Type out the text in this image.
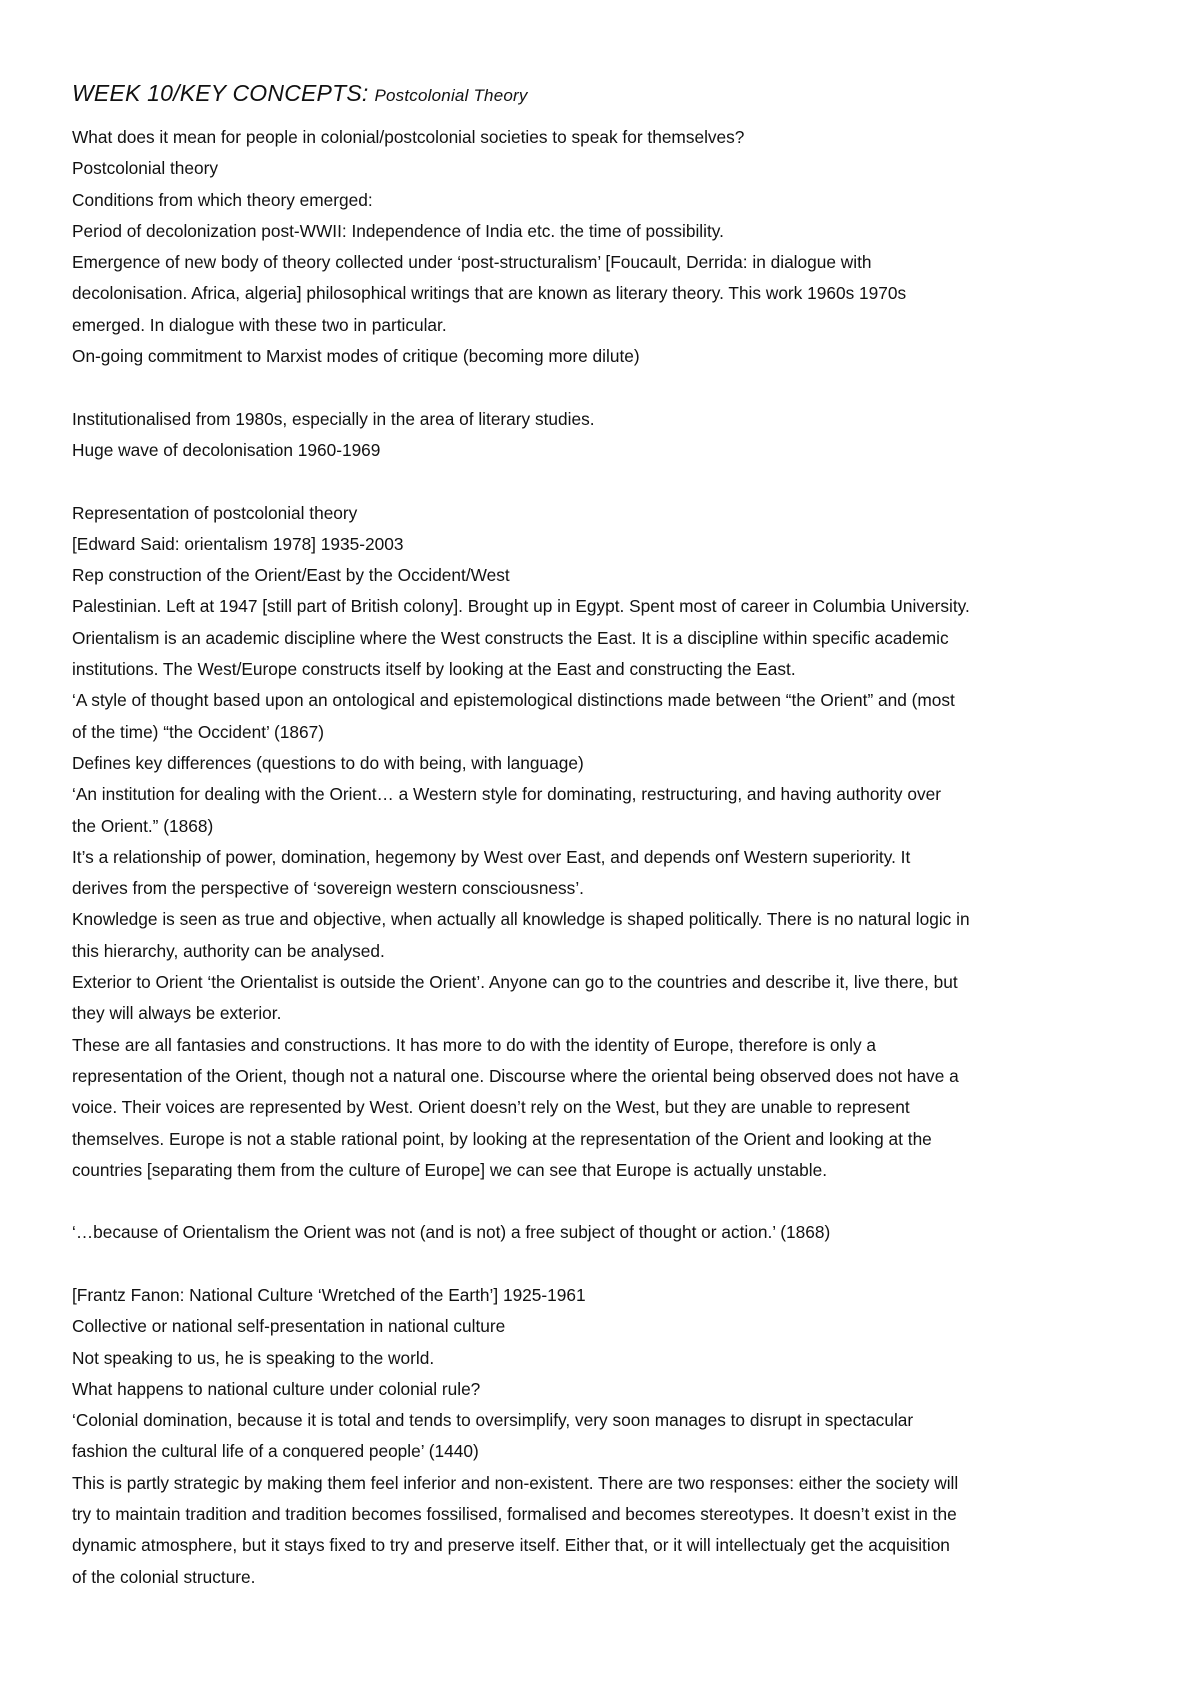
WEEK 10/KEY CONCEPTS: Postcolonial Theory
What does it mean for people in colonial/postcolonial societies to speak for themselves?
Postcolonial theory
Conditions from which theory emerged:
Period of decolonization post-WWII: Independence of India etc. the time of possibility.
Emergence of new body of theory collected under ‘post-structuralism’ [Foucault, Derrida: in dialogue with
decolonisation. Africa, algeria] philosophical writings that are known as literary theory. This work 1960s 1970s
emerged. In dialogue with these two in particular.
On-going commitment to Marxist modes of critique (becoming more dilute)
Institutionalised from 1980s, especially in the area of literary studies.
Huge wave of decolonisation 1960-1969
Representation of postcolonial theory
[Edward Said: orientalism 1978] 1935-2003
Rep construction of the Orient/East by the Occident/West
Palestinian. Left at 1947 [still part of British colony]. Brought up in Egypt. Spent most of career in Columbia University.
Orientalism is an academic discipline where the West constructs the East. It is a discipline within specific academic
institutions. The West/Europe constructs itself by looking at the East and constructing the East.
‘A style of thought based upon an ontological and epistemological distinctions made between “the Orient” and (most
of the time) “the Occident’ (1867)
Defines key differences (questions to do with being, with language)
‘An institution for dealing with the Orient… a Western style for dominating, restructuring, and having authority over
the Orient.” (1868)
It’s a relationship of power, domination, hegemony by West over East, and depends onf Western superiority. It
derives from the perspective of ‘sovereign western consciousness’.
Knowledge is seen as true and objective, when actually all knowledge is shaped politically. There is no natural logic in
this hierarchy, authority can be analysed.
Exterior to Orient ‘the Orientalist is outside the Orient’. Anyone can go to the countries and describe it, live there, but
they will always be exterior.
These are all fantasies and constructions. It has more to do with the identity of Europe, therefore is only a
representation of the Orient, though not a natural one. Discourse where the oriental being observed does not have a
voice. Their voices are represented by West. Orient doesn’t rely on the West, but they are unable to represent
themselves. Europe is not a stable rational point, by looking at the representation of the Orient and looking at the
countries [separating them from the culture of Europe] we can see that Europe is actually unstable.
‘…because of Orientalism the Orient was not (and is not) a free subject of thought or action.’ (1868)
[Frantz Fanon: National Culture ‘Wretched of the Earth’] 1925-1961
Collective or national self-presentation in national culture
Not speaking to us, he is speaking to the world.
What happens to national culture under colonial rule?
‘Colonial domination, because it is total and tends to oversimplify, very soon manages to disrupt in spectacular
fashion the cultural life of a conquered people’ (1440)
This is partly strategic by making them feel inferior and non-existent. There are two responses: either the society will
try to maintain tradition and tradition becomes fossilised, formalised and becomes stereotypes. It doesn’t exist in the
dynamic atmosphere, but it stays fixed to try and preserve itself. Either that, or it will intellectualy get the acquisition
of the colonial structure.
